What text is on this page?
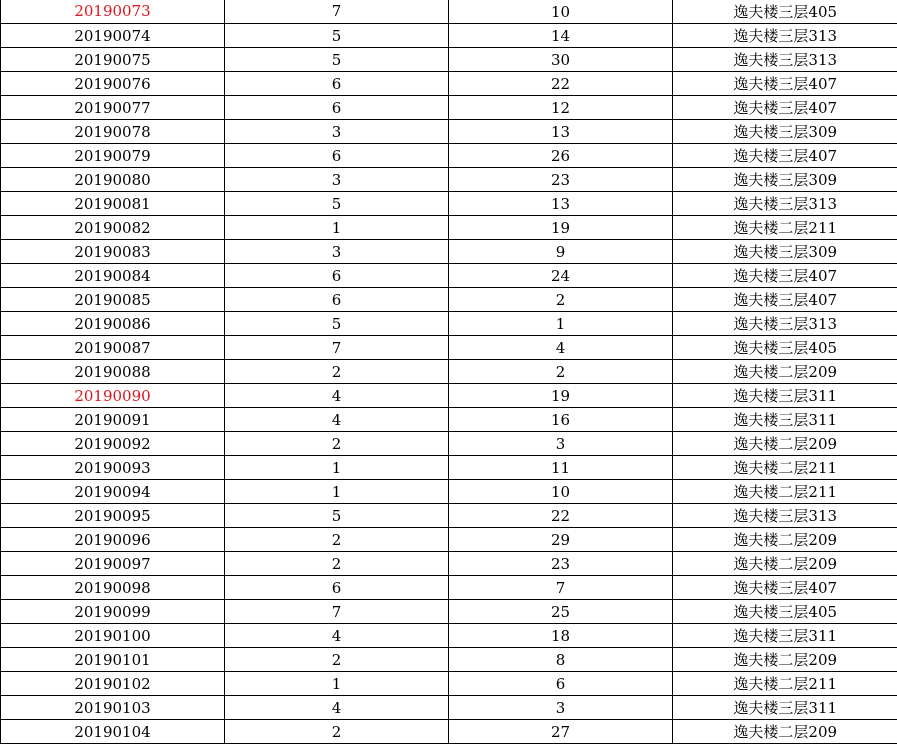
20190073	7	10	逸夫楼三层405
20190074	5	14	逸夫楼三层313
20190075	5	30	逸夫楼三层313
20190076	6	22	逸夫楼三层407
20190077	6	12	逸夫楼三层407
20190078	3	13	逸夫楼三层309
20190079	6	26	逸夫楼三层407
20190080	3	23	逸夫楼三层309
20190081	5	13	逸夫楼三层313
20190082	1	19	逸夫楼二层211
20190083	3	9	逸夫楼三层309
20190084	6	24	逸夫楼三层407
20190085	6	2	逸夫楼三层407
20190086	5	1	逸夫楼三层313
20190087	7	4	逸夫楼三层405
20190088	2	2	逸夫楼二层209
20190090	4	19	逸夫楼三层311
20190091	4	16	逸夫楼三层311
20190092	2	3	逸夫楼二层209
20190093	1	11	逸夫楼二层211
20190094	1	10	逸夫楼二层211
20190095	5	22	逸夫楼三层313
20190096	2	29	逸夫楼二层209
20190097	2	23	逸夫楼二层209
20190098	6	7	逸夫楼三层407
20190099	7	25	逸夫楼三层405
20190100	4	18	逸夫楼三层311
20190101	2	8	逸夫楼二层209
20190102	1	6	逸夫楼二层211
20190103	4	3	逸夫楼三层311
20190104	2	27	逸夫楼二层209
